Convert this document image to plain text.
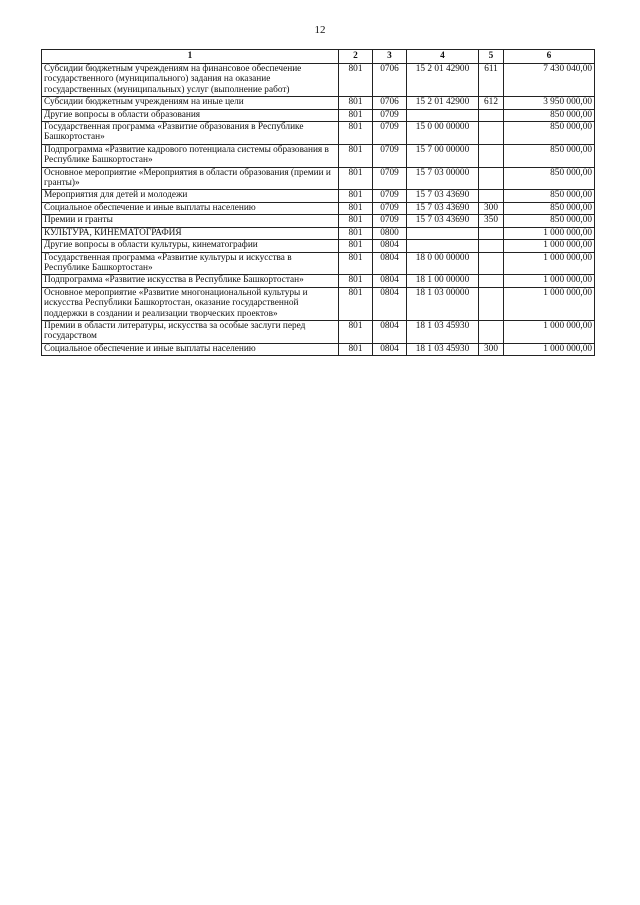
12
1	2	3	4	5	6
Субсидии бюджетным учреждениям на финансовое обеспечение государственного (муниципального) задания на оказание государственных (муниципальных) услуг (выполнение работ)	801	0706	15 2 01 42900	611	7 430 040,00
Субсидии бюджетным учреждениям на иные цели	801	0706	15 2 01 42900	612	3 950 000,00
Другие вопросы в области образования	801	0709			850 000,00
Государственная программа «Развитие образования в Республике Башкортостан»	801	0709	15 0 00 00000		850 000,00
Подпрограмма «Развитие кадрового потенциала системы образования в Республике Башкортостан»	801	0709	15 7 00 00000		850 000,00
Основное мероприятие «Мероприятия в области образования (премии и гранты)»	801	0709	15 7 03 00000		850 000,00
Мероприятия для детей и молодежи	801	0709	15 7 03 43690		850 000,00
Социальное обеспечение и иные выплаты населению	801	0709	15 7 03 43690	300	850 000,00
Премии и гранты	801	0709	15 7 03 43690	350	850 000,00
КУЛЬТУРА, КИНЕМАТОГРАФИЯ	801	0800			1 000 000,00
Другие вопросы в области культуры, кинематографии	801	0804			1 000 000,00
Государственная программа «Развитие культуры и искусства в Республике Башкортостан»	801	0804	18 0 00 00000		1 000 000,00
Подпрограмма «Развитие искусства в Республике Башкортостан»	801	0804	18 1 00 00000		1 000 000,00
Основное мероприятие «Развитие многонациональной культуры и искусства Республики Башкортостан, оказание государственной поддержки в создании и реализации творческих проектов»	801	0804	18 1 03 00000		1 000 000,00
Премии в области литературы, искусства за особые заслуги перед государством	801	0804	18 1 03 45930		1 000 000,00
Социальное обеспечение и иные выплаты населению	801	0804	18 1 03 45930	300	1 000 000,00
